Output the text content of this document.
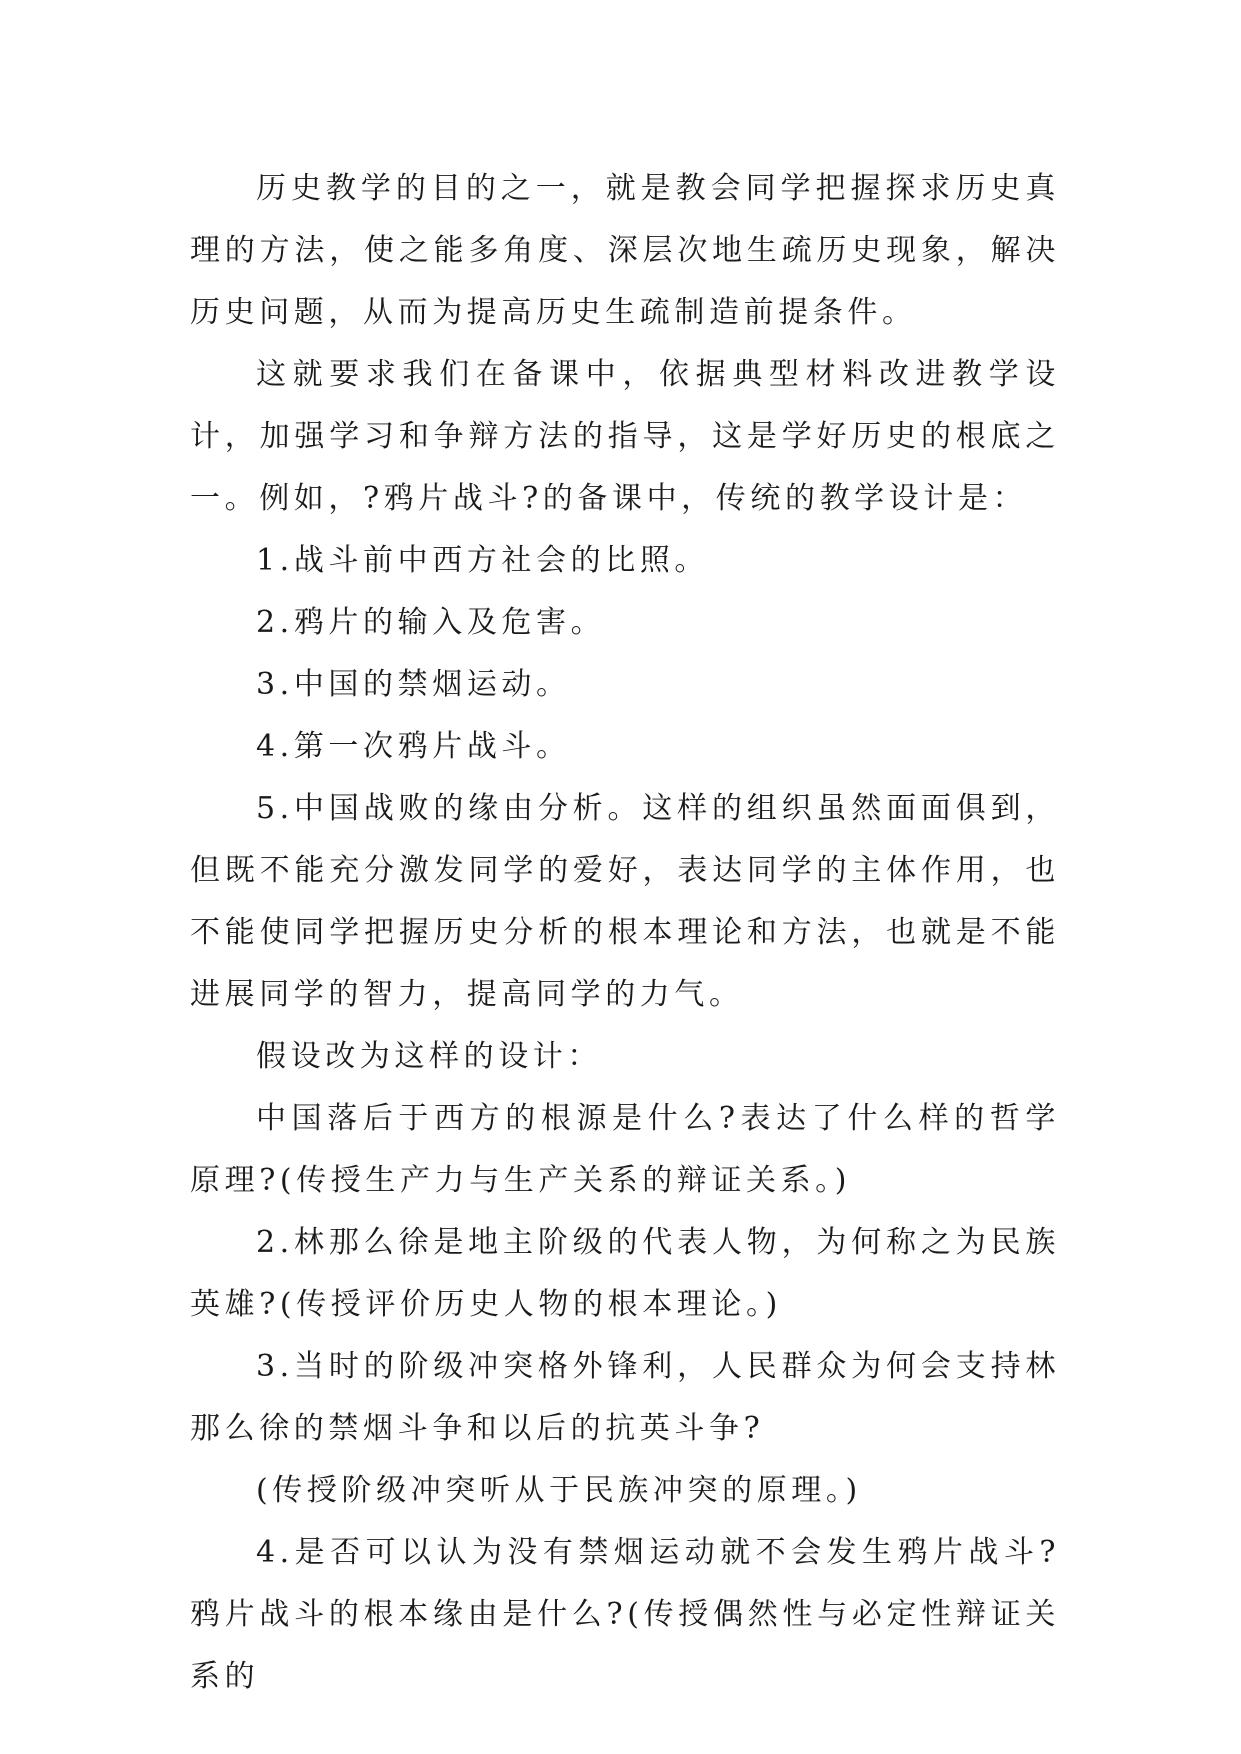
历史教学的目的之一，就是教会同学把握探求历史真理的方法，使之能多角度、深层次地生疏历史现象，解决历史问题，从而为提高历史生疏制造前提条件。

这就要求我们在备课中，依据典型材料改进教学设计，加强学习和争辩方法的指导，这是学好历史的根底之一。例如，?鸦片战斗?的备课中，传统的教学设计是：

1.战斗前中西方社会的比照。

2.鸦片的输入及危害。

3.中国的禁烟运动。

4.第一次鸦片战斗。

5.中国战败的缘由分析。这样的组织虽然面面俱到，但既不能充分激发同学的爱好，表达同学的主体作用，也不能使同学把握历史分析的根本理论和方法，也就是不能进展同学的智力，提高同学的力气。

假设改为这样的设计：

中国落后于西方的根源是什么?表达了什么样的哲学原理?(传授生产力与生产关系的辩证关系。)

2.林那么徐是地主阶级的代表人物，为何称之为民族英雄?(传授评价历史人物的根本理论。)

3.当时的阶级冲突格外锋利，人民群众为何会支持林那么徐的禁烟斗争和以后的抗英斗争?

(传授阶级冲突听从于民族冲突的原理。)

4.是否可以认为没有禁烟运动就不会发生鸦片战斗?鸦片战斗的根本缘由是什么?(传授偶然性与必定性辩证关系的
